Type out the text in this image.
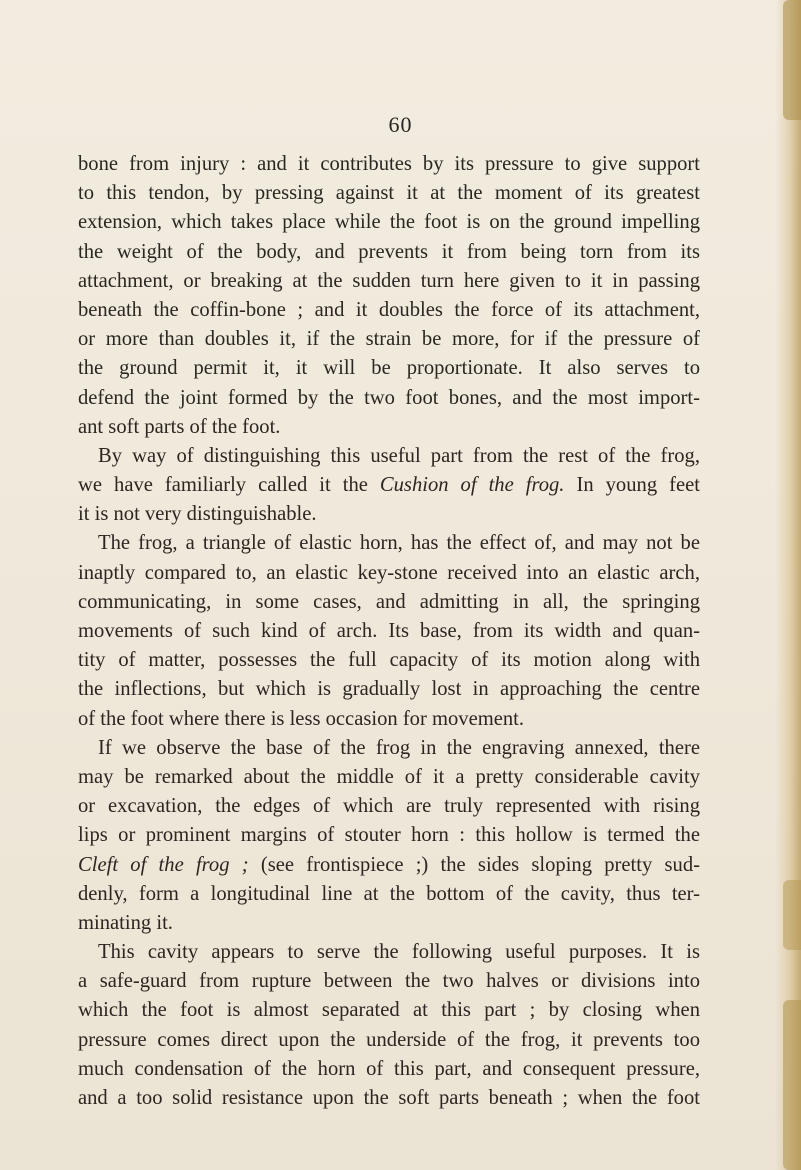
60
bone from injury : and it contributes by its pressure to give support
to this tendon, by pressing against it at the moment of its greatest
extension, which takes place while the foot is on the ground impelling
the weight of the body, and prevents it from being torn from its
attachment, or breaking at the sudden turn here given to it in passing
beneath the coffin-bone ; and it doubles the force of its attachment,
or more than doubles it, if the strain be more, for if the pressure of
the ground permit it, it will be proportionate. It also serves to
defend the joint formed by the two foot bones, and the most import-
ant soft parts of the foot.
By way of distinguishing this useful part from the rest of the frog,
we have familiarly called it the Cushion of the frog. In young feet
it is not very distinguishable.
The frog, a triangle of elastic horn, has the effect of, and may not be
inaptly compared to, an elastic key-stone received into an elastic arch,
communicating, in some cases, and admitting in all, the springing
movements of such kind of arch. Its base, from its width and quan-
tity of matter, possesses the full capacity of its motion along with
the inflections, but which is gradually lost in approaching the centre
of the foot where there is less occasion for movement.
If we observe the base of the frog in the engraving annexed, there
may be remarked about the middle of it a pretty considerable cavity
or excavation, the edges of which are truly represented with rising
lips or prominent margins of stouter horn : this hollow is termed the
Cleft of the frog ; (see frontispiece ;) the sides sloping pretty sud-
denly, form a longitudinal line at the bottom of the cavity, thus ter-
minating it.
This cavity appears to serve the following useful purposes. It is
a safe-guard from rupture between the two halves or divisions into
which the foot is almost separated at this part ; by closing when
pressure comes direct upon the underside of the frog, it prevents too
much condensation of the horn of this part, and consequent pressure,
and a too solid resistance upon the soft parts beneath ; when the foot
